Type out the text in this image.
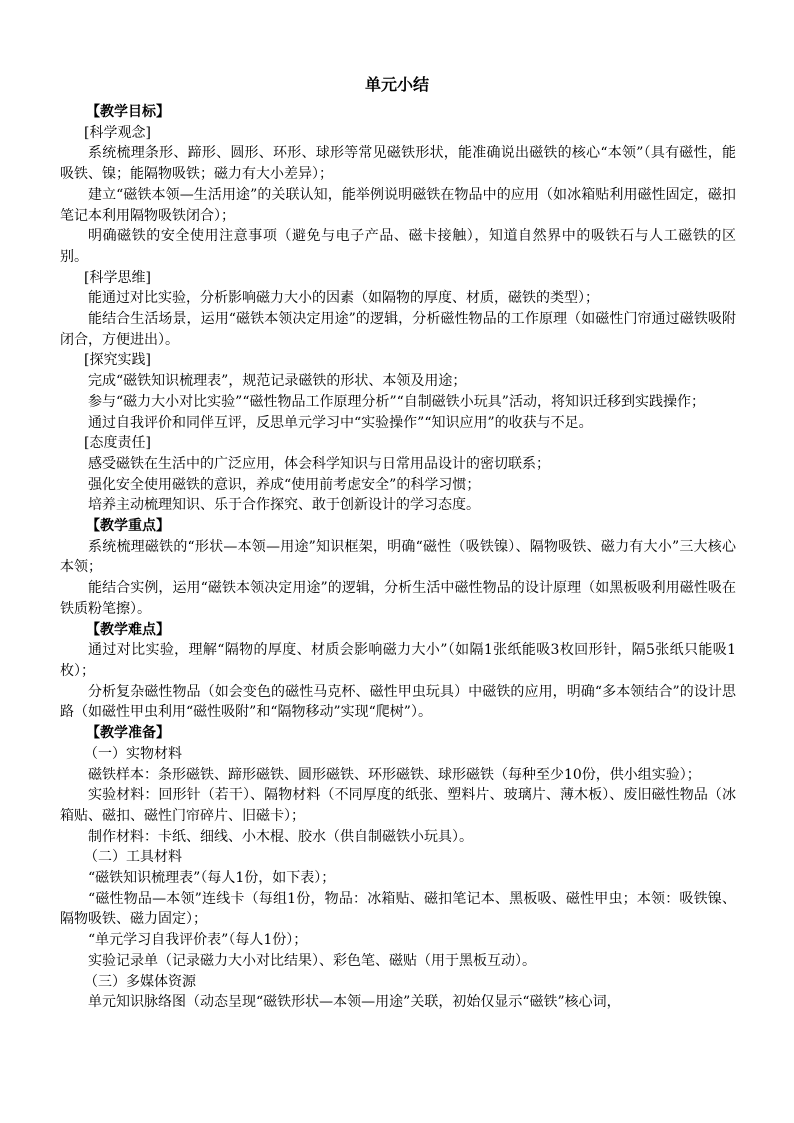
单元小结

【教学目标】

[科学观念]

系统梳理条形、蹄形、圆形、环形、球形等常见磁铁形状，能准确说出磁铁的核心“本领”（具有磁性，能吸铁、镍；能隔物吸铁；磁力有大小差异）；

建立“磁铁本领—生活用途”的关联认知，能举例说明磁铁在物品中的应用（如冰箱贴利用磁性固定，磁扣笔记本利用隔物吸铁闭合）；

明确磁铁的安全使用注意事项（避免与电子产品、磁卡接触），知道自然界中的吸铁石与人工磁铁的区别。

[科学思维]

能通过对比实验，分析影响磁力大小的因素（如隔物的厚度、材质，磁铁的类型）；

能结合生活场景，运用“磁铁本领决定用途”的逻辑，分析磁性物品的工作原理（如磁性门帘通过磁铁吸附闭合，方便进出）。

[探究实践]

完成“磁铁知识梳理表”，规范记录磁铁的形状、本领及用途；

参与“磁力大小对比实验”“磁性物品工作原理分析”“自制磁铁小玩具”活动，将知识迁移到实践操作；

通过自我评价和同伴互评，反思单元学习中“实验操作”“知识应用”的收获与不足。

[态度责任]

感受磁铁在生活中的广泛应用，体会科学知识与日常用品设计的密切联系；

强化安全使用磁铁的意识，养成“使用前考虑安全”的科学习惯；

培养主动梳理知识、乐于合作探究、敢于创新设计的学习态度。

【教学重点】

系统梳理磁铁的“形状—本领—用途”知识框架，明确“磁性（吸铁镍）、隔物吸铁、磁力有大小”三大核心本领；

能结合实例，运用“磁铁本领决定用途”的逻辑，分析生活中磁性物品的设计原理（如黑板吸利用磁性吸在铁质粉笔擦）。

【教学难点】

通过对比实验，理解“隔物的厚度、材质会影响磁力大小”（如隔1张纸能吸3枚回形针，隔5张纸只能吸1枚）；

分析复杂磁性物品（如会变色的磁性马克杯、磁性甲虫玩具）中磁铁的应用，明确“多本领结合”的设计思路（如磁性甲虫利用“磁性吸附”和“隔物移动”实现“爬树”）。

【教学准备】

（一）实物材料

磁铁样本：条形磁铁、蹄形磁铁、圆形磁铁、环形磁铁、球形磁铁（每种至少10份，供小组实验）；

实验材料：回形针（若干）、隔物材料（不同厚度的纸张、塑料片、玻璃片、薄木板）、废旧磁性物品（冰箱贴、磁扣、磁性门帘碎片、旧磁卡）；

制作材料：卡纸、细线、小木棍、胶水（供自制磁铁小玩具）。

（二）工具材料

“磁铁知识梳理表”（每人1份，如下表）；

“磁性物品—本领”连线卡（每组1份，物品：冰箱贴、磁扣笔记本、黑板吸、磁性甲虫；本领：吸铁镍、隔物吸铁、磁力固定）；

“单元学习自我评价表”（每人1份）；

实验记录单（记录磁力大小对比结果）、彩色笔、磁贴（用于黑板互动）。

（三）多媒体资源

单元知识脉络图（动态呈现“磁铁形状—本领—用途”关联，初始仅显示“磁铁”核心词，
